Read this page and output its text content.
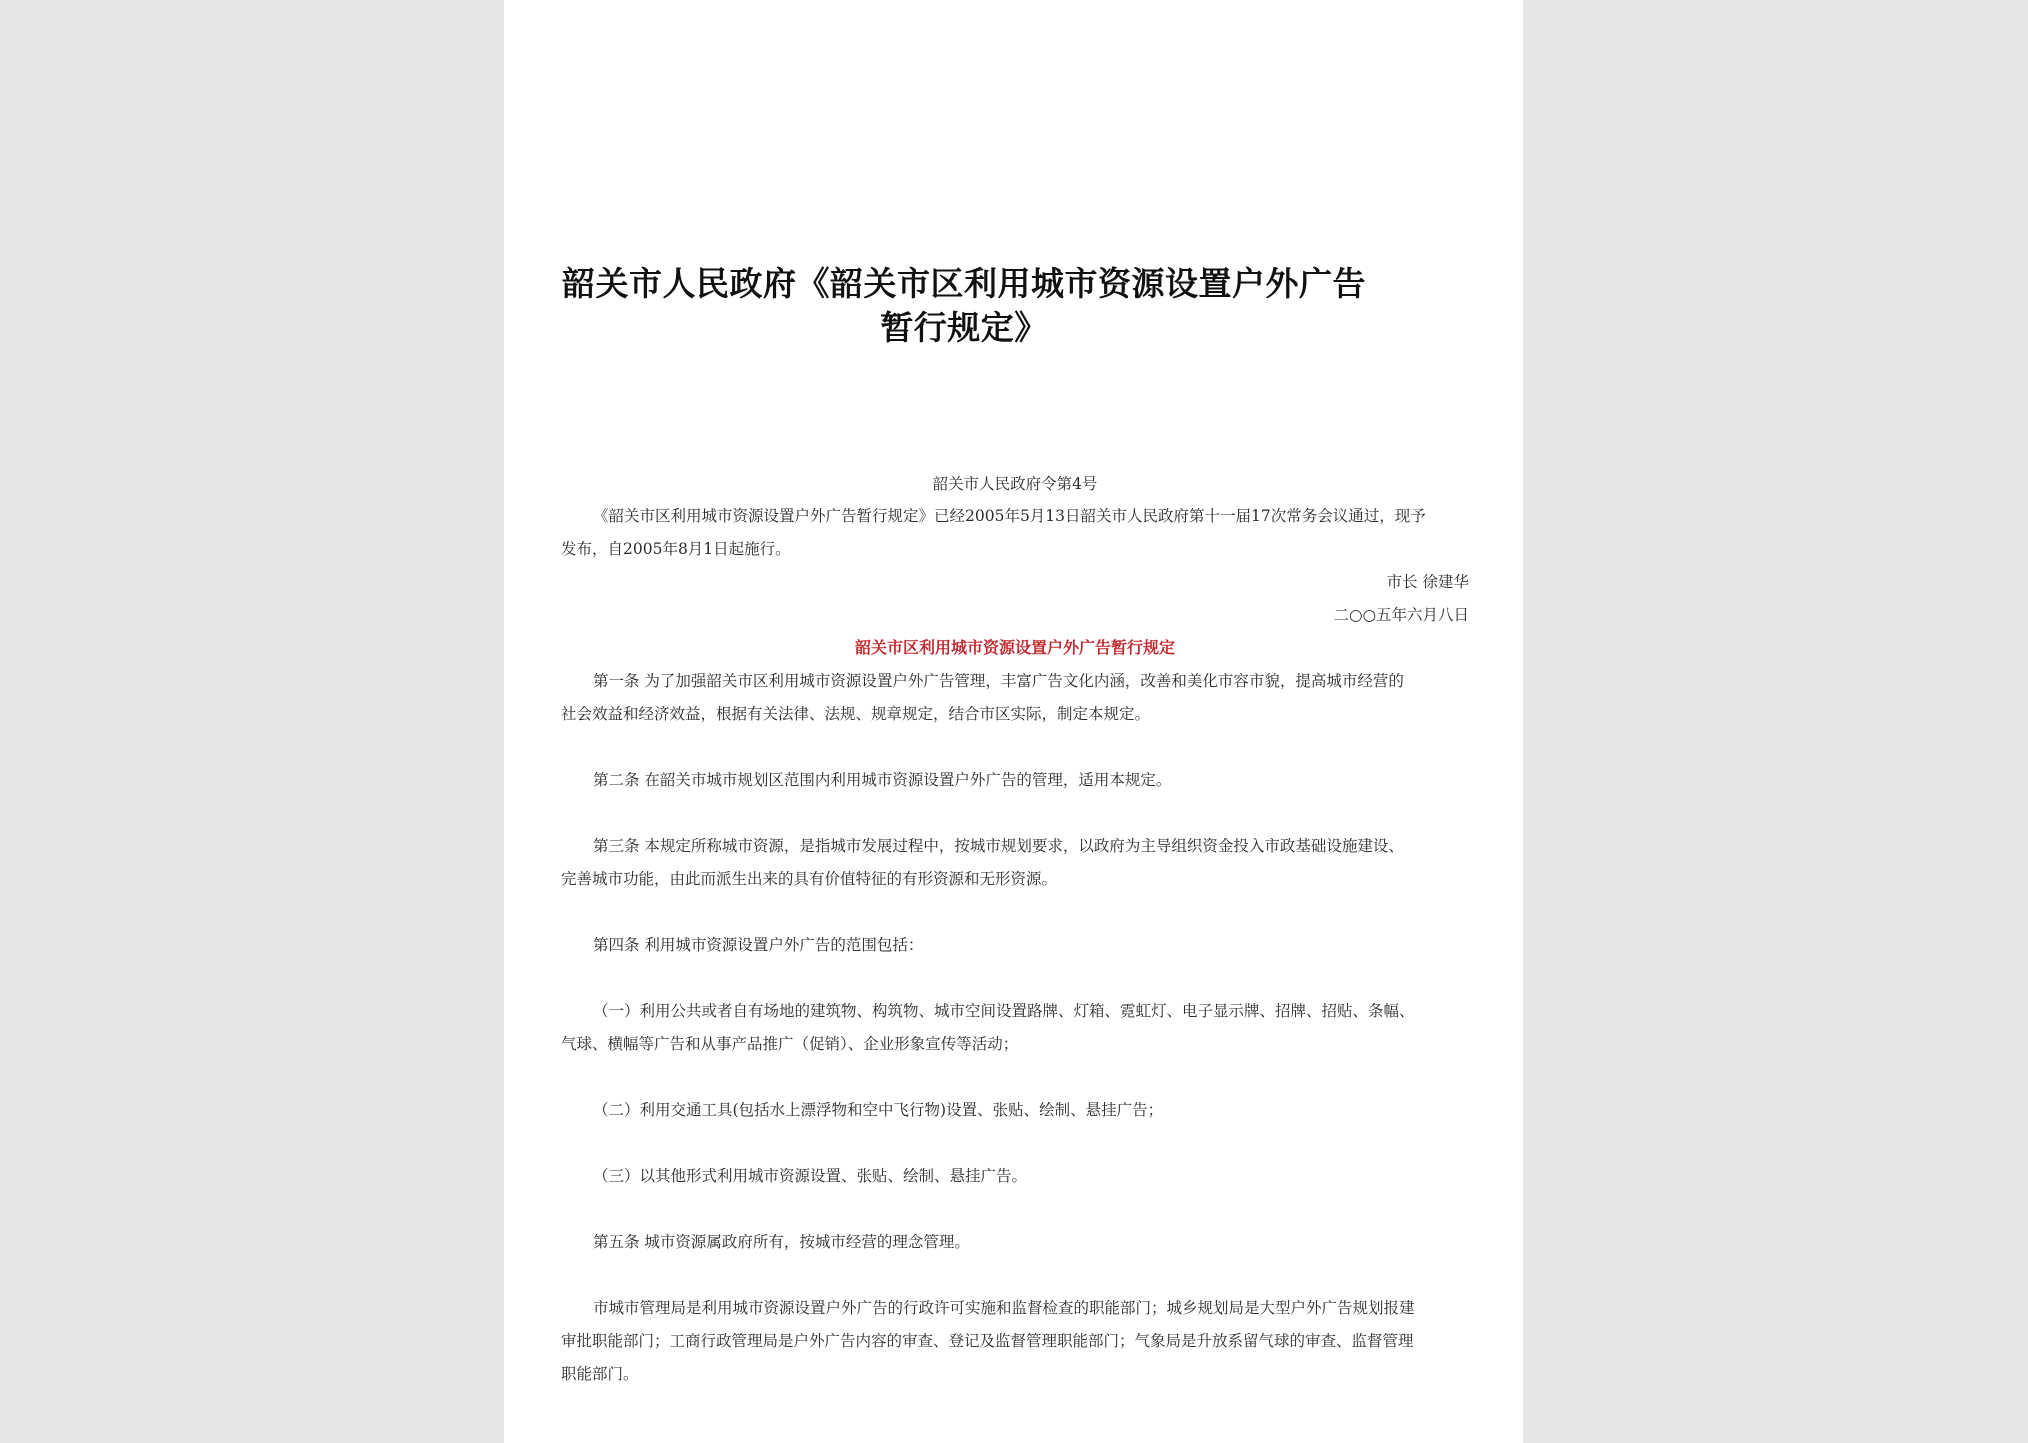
韶关市人民政府《韶关市区利用城市资源设置户外广告
暂行规定》
韶关市人民政府令第4号
《韶关市区利用城市资源设置户外广告暂行规定》已经2005年5月13日韶关市人民政府第十一届17次常务会议通过，现予
发布，自2005年8月1日起施行。
市长 徐建华
二○○五年六月八日
韶关市区利用城市资源设置户外广告暂行规定
第一条 为了加强韶关市区利用城市资源设置户外广告管理，丰富广告文化内涵，改善和美化市容市貌，提高城市经营的
社会效益和经济效益，根据有关法律、法规、规章规定，结合市区实际，制定本规定。
第二条 在韶关市城市规划区范围内利用城市资源设置户外广告的管理，适用本规定。
第三条 本规定所称城市资源，是指城市发展过程中，按城市规划要求，以政府为主导组织资金投入市政基础设施建设、
完善城市功能，由此而派生出来的具有价值特征的有形资源和无形资源。
第四条 利用城市资源设置户外广告的范围包括：
（一）利用公共或者自有场地的建筑物、构筑物、城市空间设置路牌、灯箱、霓虹灯、电子显示牌、招牌、招贴、条幅、
气球、横幅等广告和从事产品推广（促销）、企业形象宣传等活动；
（二）利用交通工具(包括水上漂浮物和空中飞行物)设置、张贴、绘制、悬挂广告；
（三）以其他形式利用城市资源设置、张贴、绘制、悬挂广告。
第五条 城市资源属政府所有，按城市经营的理念管理。
市城市管理局是利用城市资源设置户外广告的行政许可实施和监督检查的职能部门；城乡规划局是大型户外广告规划报建
审批职能部门；工商行政管理局是户外广告内容的审查、登记及监督管理职能部门；气象局是升放系留气球的审查、监督管理
职能部门。
